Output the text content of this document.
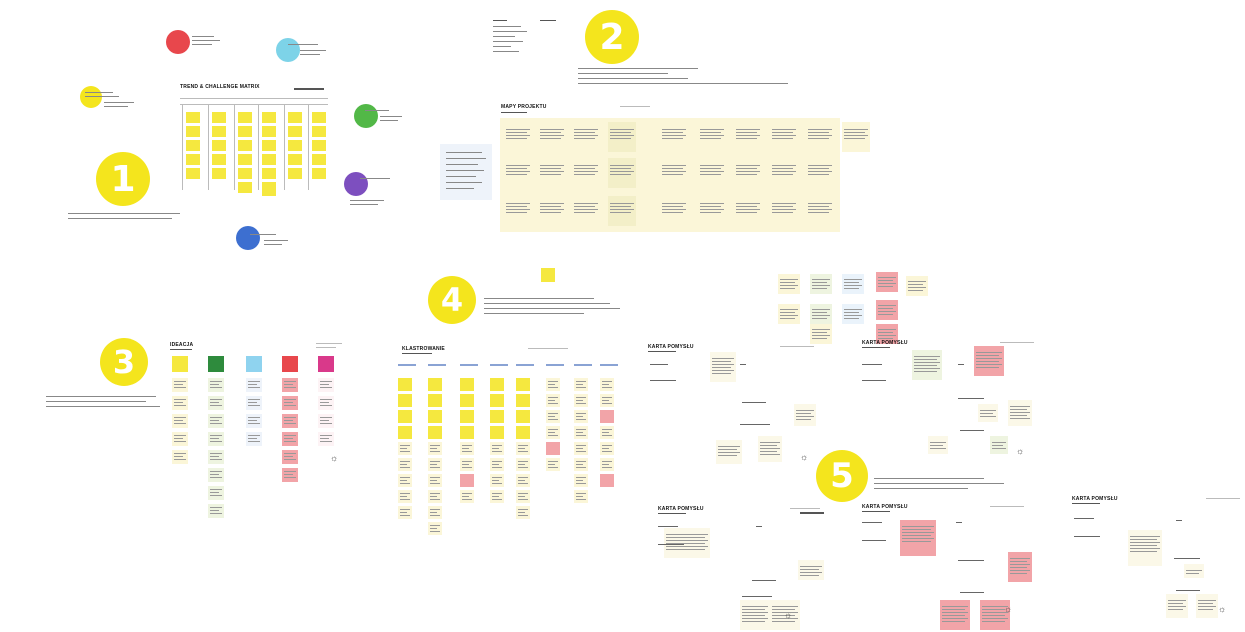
TREND & CHALLENGE MATRIX
1
2
MAPY PROJEKTU
3	IDEACJA
☼
4
KLASTROWANIE
5
KARTA POMYSŁU
KARTA POMYSŁU
KARTA POMYSŁU	KARTA POMYSŁU
KARTA POMYSŁU
☼
☼
☼
☼	☼
